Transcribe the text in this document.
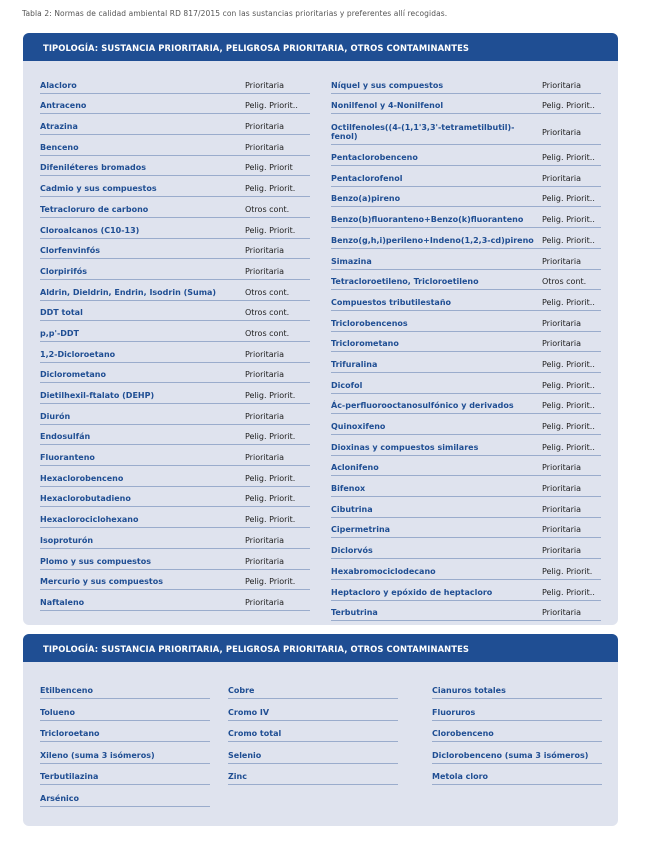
Tabla 2: Normas de calidad ambiental RD 817/2015 con las sustancias prioritarias y preferentes allí recogidas.
TIPOLOGÍA: SUSTANCIA PRIORITARIA, PELIGROSA PRIORITARIA, OTROS CONTAMINANTES
Alacloro	Prioritaria
Antraceno	Pelig. Priorit..
Atrazina	Prioritaria
Benceno	Prioritaria
Difeniléteres bromados	Pelig. Priorit
Cadmio y sus compuestos	Pelig. Priorit.
Tetracloruro de carbono	Otros cont.
Cloroalcanos (C10-13)	Pelig. Priorit.
Clorfenvinfós	Prioritaria
Clorpirifós	Prioritaria
Aldrin, Dieldrin, Endrin, Isodrin (Suma)	Otros cont.
DDT total	Otros cont.
p,p'-DDT	Otros cont.
1,2-Dicloroetano	Prioritaria
Diclorometano	Prioritaria
Dietilhexil-ftalato (DEHP)	Pelig. Priorit.
Diurón	Prioritaria
Endosulfán	Pelig. Priorit.
Fluoranteno	Prioritaria
Hexaclorobenceno	Pelig. Priorit.
Hexaclorobutadieno	Pelig. Priorit.
Hexaclorociclohexano	Pelig. Priorit.
Isoproturón	Prioritaria
Plomo y sus compuestos	Prioritaria
Mercurio y sus compuestos	Pelig. Priorit.
Naftaleno	Prioritaria
Níquel y sus compuestos	Prioritaria
Nonilfenol y 4-Nonilfenol	Pelig. Priorit..
Octilfenoles((4-(1,1'3,3'-tetrametilbutil)-
fenol)	Prioritaria
Pentaclorobenceno	Pelig. Priorit..
Pentaclorofenol	Prioritaria
Benzo(a)pireno	Pelig. Priorit..
Benzo(b)fluoranteno+Benzo(k)fluoranteno	Pelig. Priorit..
Benzo(g,h,i)perileno+Indeno(1,2,3-cd)pireno	Pelig. Priorit..
Simazina	Prioritaria
Tetracloroetileno, Tricloroetileno	Otros cont.
Compuestos tributilestaño	Pelig. Priorit..
Triclorobencenos	Prioritaria
Triclorometano	Prioritaria
Trifuralina	Pelig. Priorit..
Dicofol	Pelig. Priorit..
Ác-perfluorooctanosulfónico y derivados	Pelig. Priorit..
Quinoxifeno	Pelig. Priorit..
Dioxinas y compuestos similares	Pelig. Priorit..
Aclonifeno	Prioritaria
Bifenox	Prioritaria
Cibutrina	Prioritaria
Cipermetrina	Prioritaria
Diclorvós	Prioritaria
Hexabromociclodecano	Pelig. Priorit.
Heptacloro y epóxido de heptacloro	Pelig. Priorit..
Terbutrina	Prioritaria
TIPOLOGÍA: SUSTANCIA PRIORITARIA, PELIGROSA PRIORITARIA, OTROS CONTAMINANTES
Etilbenceno
Tolueno
Tricloroetano
Xileno (suma 3 isómeros)
Terbutilazina
Arsénico
Cobre
Cromo IV
Cromo total
Selenio
Zinc
Cianuros totales
Fluoruros
Clorobenceno
Diclorobenceno (suma 3 isómeros)
Metola cloro
